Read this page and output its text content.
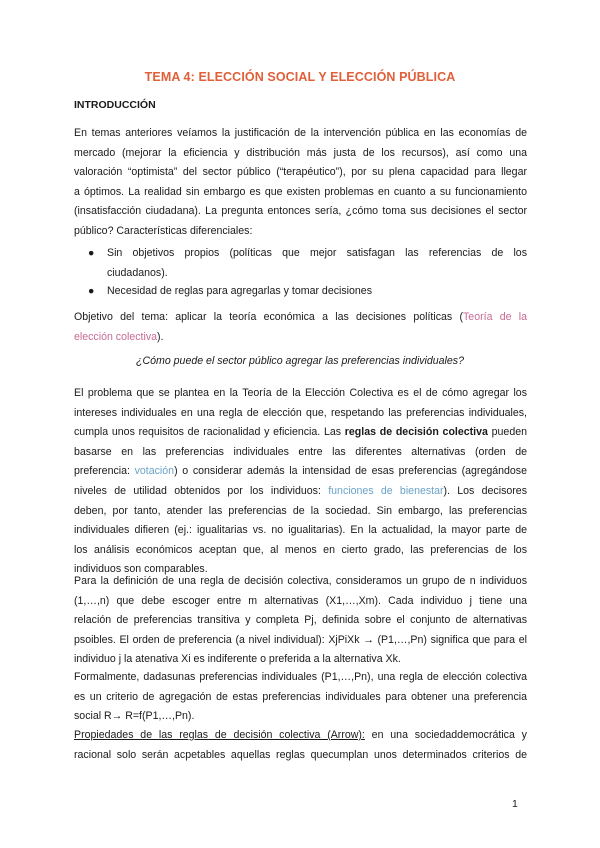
TEMA 4: ELECCIÓN SOCIAL Y ELECCIÓN PÚBLICA
INTRODUCCIÓN
En temas anteriores veíamos la justificación de la intervención pública en las economías de
mercado (mejorar la eficiencia y distribución más justa de los recursos), así como una
valoración “optimista” del sector público (“terapéutico”), por su plena capacidad para llegar
a óptimos. La realidad sin embargo es que existen problemas en cuanto a su funcionamiento
(insatisfacción ciudadana). La pregunta entonces sería, ¿cómo toma sus decisiones el sector
público? Características diferenciales:
● Sin objetivos propios (políticas que mejor satisfagan las referencias de los
ciudadanos).
● Necesidad de reglas para agregarlas y tomar decisiones
Objetivo del tema: aplicar la teoría económica a las decisiones políticas (Teoría de la
elección colectiva).
¿Cómo puede el sector público agregar las preferencias individuales?
El problema que se plantea en la Teoría de la Elección Colectiva es el de cómo agregar los
intereses individuales en una regla de elección que, respetando las preferencias individuales,
cumpla unos requisitos de racionalidad y eficiencia. Las reglas de decisión colectiva pueden
basarse en las preferencias individuales entre las diferentes alternativas (orden de
preferencia: votación) o considerar además la intensidad de esas preferencias (agregándose
niveles de utilidad obtenidos por los individuos: funciones de bienestar). Los decisores
deben, por tanto, atender las preferencias de la sociedad. Sin embargo, las preferencias
individuales difieren (ej.: igualitarias vs. no igualitarias). En la actualidad, la mayor parte de
los análisis económicos aceptan que, al menos en cierto grado, las preferencias de los
individuos son comparables.
Para la definición de una regla de decisión colectiva, consideramos un grupo de n individuos
(1,…,n) que debe escoger entre m alternativas (X1,…,Xm). Cada individuo j tiene una
relación de preferencias transitiva y completa Pj, definida sobre el conjunto de alternativas
psoibles. El orden de preferencia (a nivel individual): XjPiXk → (P1,…,Pn) significa que para el
individuo j la atenativa Xi es indiferente o preferida a la alternativa Xk.
Formalmente, dadasunas preferencias individuales (P1,…,Pn), una regla de elección colectiva
es un criterio de agregación de estas preferencias individuales para obtener una preferencia
social R→ R=f(P1,…,Pn).
Propiedades de las reglas de decisión colectiva (Arrow): en una sociedaddemocrática y
racional solo serán acpetables aquellas reglas quecumplan unos determinados criterios de
1
